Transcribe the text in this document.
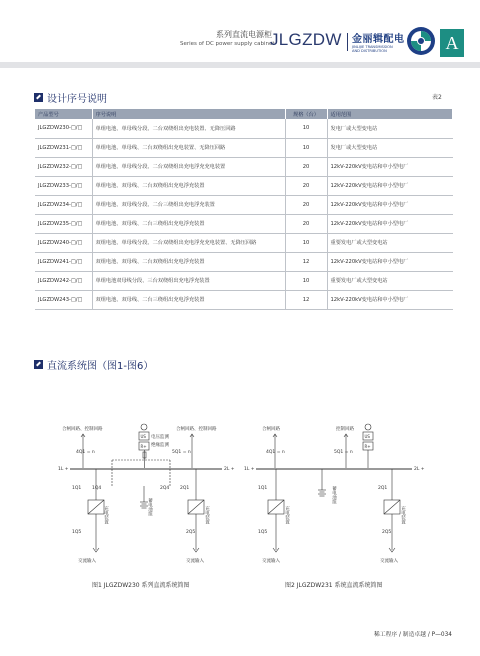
系列直流电源柜
Series of DC power supply cabinet
JLGZDW 金丽辑配电
JINLIJIE TRANSMISSION
AND DISTRIBUTION	A
设计序号说明	表2
产品型号	序号说明	规格（台）	适用范围
JLGZDW230-□/□	单组电池、单母线分段、二台双绕组出充电装置、无降压回路	10	发电厂或大型变电站
JLGZDW231-□/□	单组电池、单母线、二台双绕组出充电装置、无降压回路	10	发电厂或大型变电站
JLGZDW232-□/□	单组电池、单母线分段、二台双绕组出充电浮充充电装置	20	12kV-220kV变电站和中小型电厂
JLGZDW233-□/□	单组电池、双母线、二台双绕组出充电浮充装置	20	12kV-220kV变电站和中小型电厂
JLGZDW234-□/□	单组电池、双母线分段、二台三绕组出充电浮充装置	20	12kV-220kV变电站和中小型电厂
JLGZDW235-□/□	单组电池、双母线、二台三绕组出充电浮充装置	20	12kV-220kV变电站和中小型电厂
JLGZDW240-□/□	双组电池、单母线分段、二台双绕组出充电浮充充电装置、无降压回路	10	重要发电厂或大型变电站
JLGZDW241-□/□	双组电池、双母线、二台双绕组出充电浮充装置	12	12kV-220kV变电站和中小型电厂
JLGZDW242-□/□	单组电池双母线分段、三台双绕组出充电浮充装置	10	重要发电厂或大型变电站
JLGZDW243-□/□	双组电池、双母线、二台三绕组出充电浮充装置	12	12kV-220kV变电站和中小型电厂
直流系统图（图1-图6）
合闸回路、控制回路	合闸回路、控制回路
4Q1 = n	5Q1 = n
US
R+
电压监测
绝缘监测
1L +	2L +
1Q1 1Q4
充电装置
1Q5
交流输入
蓄电池组
2Q4 2Q1
充电装置
2Q5
交流输入
合闸回路	控制回路
4Q1 = n	5Q1 = n
US
R+
1L +	2L +
1Q1
充电装置
1Q5
交流输入
蓄电池组	2Q1
充电装置
2Q5
交流输入
图1 JLGZDW230 系列直流系统简图	图2 JLGZDW231 系统直流系统简图
稀工程序 / 制造卓越 / P—034
